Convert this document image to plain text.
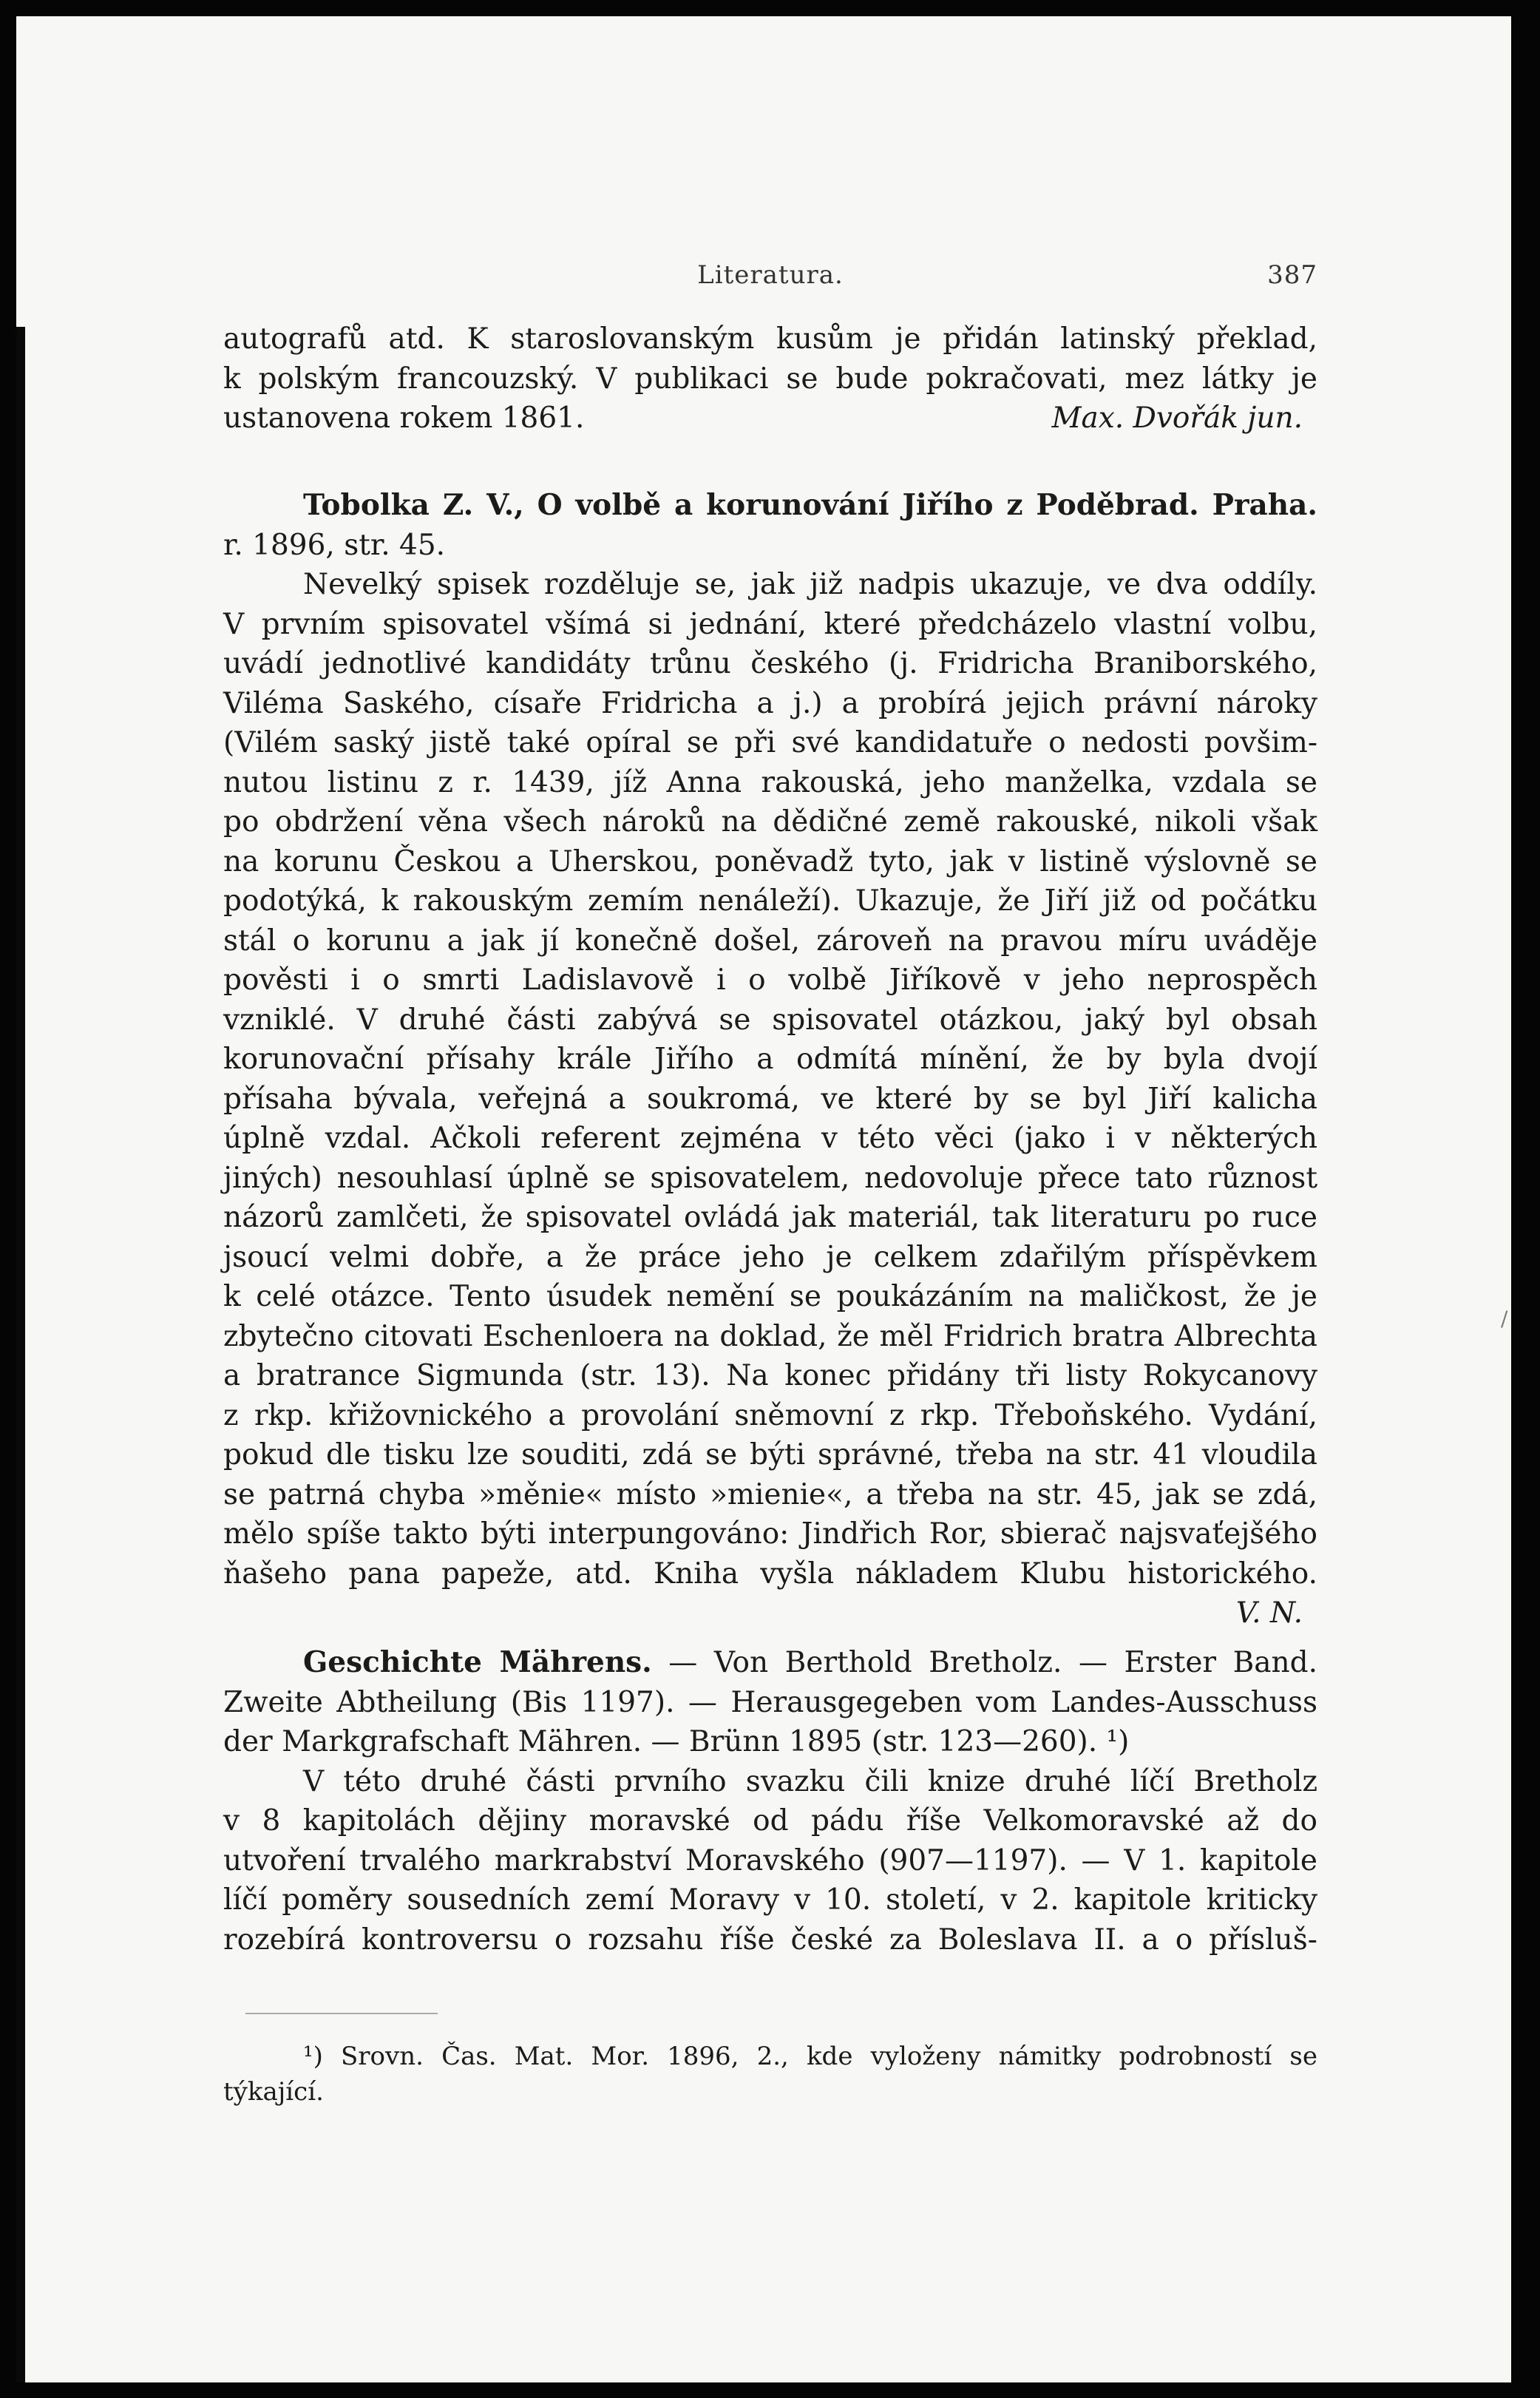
Literatura.	387
autografů atd. K staroslovanským kusům je přidán latinský překlad,
k polským francouzský. V publikaci se bude pokračovati, mez látky je
ustanovena rokem 1861.	Max. Dvořák jun.
Tobolka Z. V., O volbě a korunování Jiřího z Poděbrad. Praha.
r. 1896, str. 45.
Nevelký spisek rozděluje se, jak již nadpis ukazuje, ve dva oddíly.
V prvním spisovatel všímá si jednání, které předcházelo vlastní volbu,
uvádí jednotlivé kandidáty trůnu českého (j. Fridricha Braniborského,
Viléma Saského, císaře Fridricha a j.) a probírá jejich právní nároky
(Vilém saský jistě také opíral se při své kandidatuře o nedosti povšim-
nutou listinu z r. 1439, jíž Anna rakouská, jeho manželka, vzdala se
po obdržení věna všech nároků na dědičné země rakouské, nikoli však
na korunu Českou a Uherskou, poněvadž tyto, jak v listině výslovně se
podotýká, k rakouským zemím nenáleží). Ukazuje, že Jiří již od počátku
stál o korunu a jak jí konečně došel, zároveň na pravou míru uváděje
pověsti i o smrti Ladislavově i o volbě Jiříkově v jeho neprospěch
vzniklé. V druhé části zabývá se spisovatel otázkou, jaký byl obsah
korunovační přísahy krále Jiřího a odmítá mínění, že by byla dvojí
přísaha bývala, veřejná a soukromá, ve které by se byl Jiří kalicha
úplně vzdal. Ačkoli referent zejména v této věci (jako i v některých
jiných) nesouhlasí úplně se spisovatelem, nedovoluje přece tato různost
názorů zamlčeti, že spisovatel ovládá jak materiál, tak literaturu po ruce
jsoucí velmi dobře, a že práce jeho je celkem zdařilým příspěvkem
k celé otázce. Tento úsudek nemění se poukázáním na maličkost, že je
zbytečno citovati Eschenloera na doklad, že měl Fridrich bratra Albrechta
a bratrance Sigmunda (str. 13). Na konec přidány tři listy Rokycanovy
z rkp. křižovnického a provolání sněmovní z rkp. Třeboňského. Vydání,
pokud dle tisku lze souditi, zdá se býti správné, třeba na str. 41 vloudila
se patrná chyba »měnie« místo »mienie«, a třeba na str. 45, jak se zdá,
mělo spíše takto býti interpungováno: Jindřich Ror, sbierač najsvaťejšého
ňašeho pana papeže, atd. Kniha vyšla nákladem Klubu historického.
V. N.
Geschichte Mährens. — Von Berthold Bretholz. — Erster Band.
Zweite Abtheilung (Bis 1197). — Herausgegeben vom Landes-Ausschuss
der Markgrafschaft Mähren. — Brünn 1895 (str. 123—260). ¹)
V této druhé části prvního svazku čili knize druhé líčí Bretholz
v 8 kapitolách dějiny moravské od pádu říše Velkomoravské až do
utvoření trvalého markrabství Moravského (907—1197). — V 1. kapitole
líčí poměry sousedních zemí Moravy v 10. století, v 2. kapitole kriticky
rozebírá kontroversu o rozsahu říše české za Boleslava II. a o přísluš-
¹) Srovn. Čas. Mat. Mor. 1896, 2., kde vyloženy námitky podrobností se
týkající.
/
